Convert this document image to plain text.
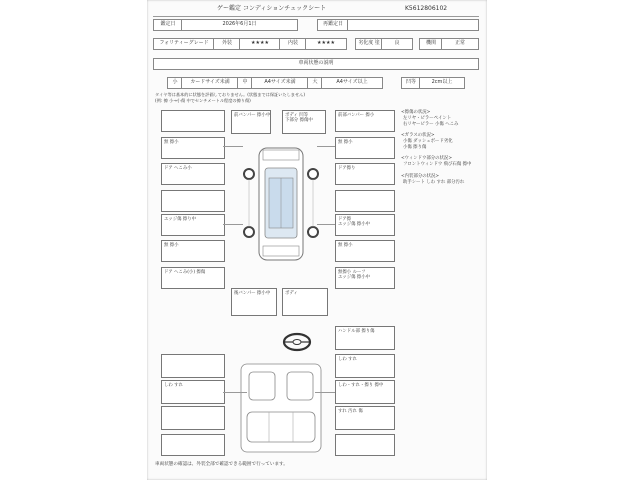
ゲー鑑定 コンディションチェックシート	K5612806102
鑑定日	2026年6月1日	再鑑定日
フォリティーグレード	外装	★★★★	内装	★★★★	劣化度 塗	良	機関	正常
車両状態の説明
小	カードサイズ未満	中	A4サイズ未満	大	A4サイズ以上	凹等	2cm以上
タイヤ等は基本的に状態を評価しておりません。(状態までは保証いたしません)
(例: 擦 小→小傷 中でセンチメートル程度の擦り傷)
無 擦小
ドア へこみ小
エッジ傷 擦り中
無 擦小
ドア へこみ(小) 擦傷
前バンパー 擦小中	ボディ 凹等
下部分 擦傷中
前部バンパー 擦小
無 擦小
ドア擦り
ドア擦
エッジ傷 擦小中
無 擦小
無擦小 ルーフ
エッジ傷 擦小中
後バンパー 擦小中	ボディ
<擦傷の状況>
左リヤ・ピラーペイント
右リヤーピラー 小傷 へこみ
<ガラスの状況>
小傷 ダッシュボード劣化
小傷 擦り傷
<ウィンドウ部分の状況>
フロントウィンドウ 飛び石傷 擦中
<内装部分の状況>
助手シート しわ すれ 部分汚れ
ハンドル部 擦り傷
しわ すれ
しわ すれ	しわ・すれ・擦り 擦中
すれ 汚れ 傷
車両状態の確認は、外装全部で確認できる範囲で行っています。
